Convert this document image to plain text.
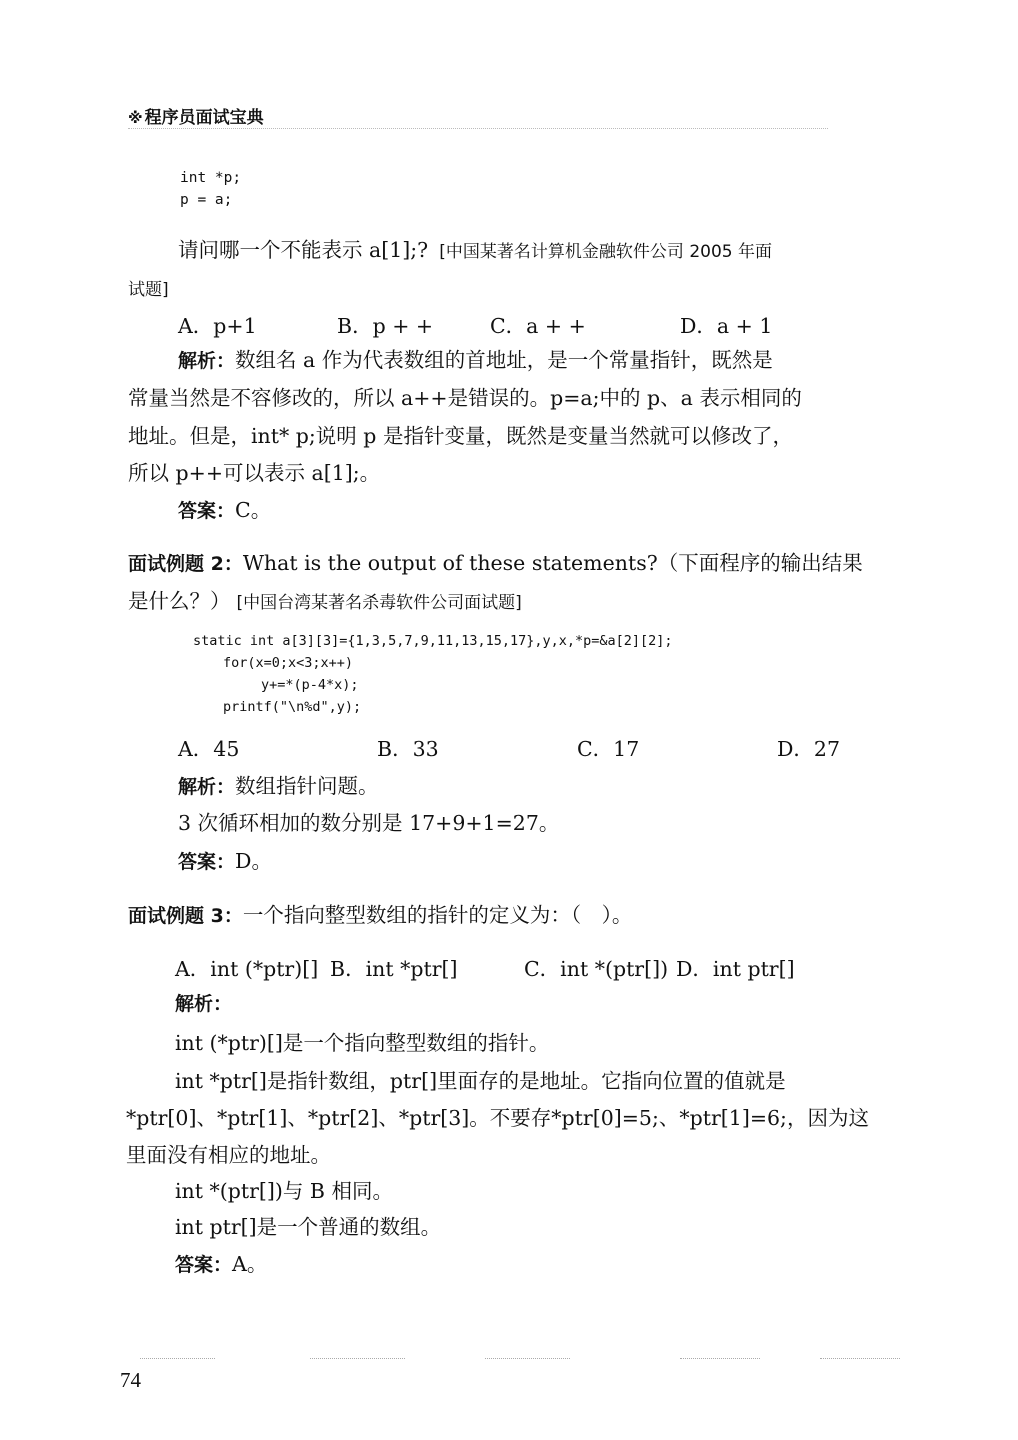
※ 程序员面试宝典
int *p;
p = a;
请问哪一个不能表示 a[1];? [中国某著名计算机金融软件公司 2005 年面
试题]
A．p+1	B．p + +	C．a + +	D．a + 1
解析：数组名 a 作为代表数组的首地址，是一个常量指针，既然是
常量当然是不容修改的，所以 a++是错误的。p=a;中的 p、a 表示相同的
地址。但是，int* p;说明 p 是指针变量，既然是变量当然就可以修改了，
所以 p++可以表示 a[1];。
答案：C。
面试例题 2：What is the output of these statements?（下面程序的输出结果
是什么？） [中国台湾某著名杀毒软件公司面试题]
static int a[3][3]={1,3,5,7,9,11,13,15,17},y,x,*p=&a[2][2];
for(x=0;x<3;x++)
y+=*(p-4*x);
printf("\n%d",y);
A．45	B．33	C．17	D．27
解析：数组指针问题。
3 次循环相加的数分别是 17+9+1=27。
答案：D。
面试例题 3：一个指向整型数组的指针的定义为：（　）。
A．int (*ptr)[] B．int *ptr[]	C．int *(ptr[]) D．int ptr[]
解析：
int (*ptr)[]是一个指向整型数组的指针。
int *ptr[]是指针数组，ptr[]里面存的是地址。它指向位置的值就是
*ptr[0]、*ptr[1]、*ptr[2]、*ptr[3]。不要存*ptr[0]=5;、*ptr[1]=6;，因为这
里面没有相应的地址。
int *(ptr[])与 B 相同。
int ptr[]是一个普通的数组。
答案：A。
74
